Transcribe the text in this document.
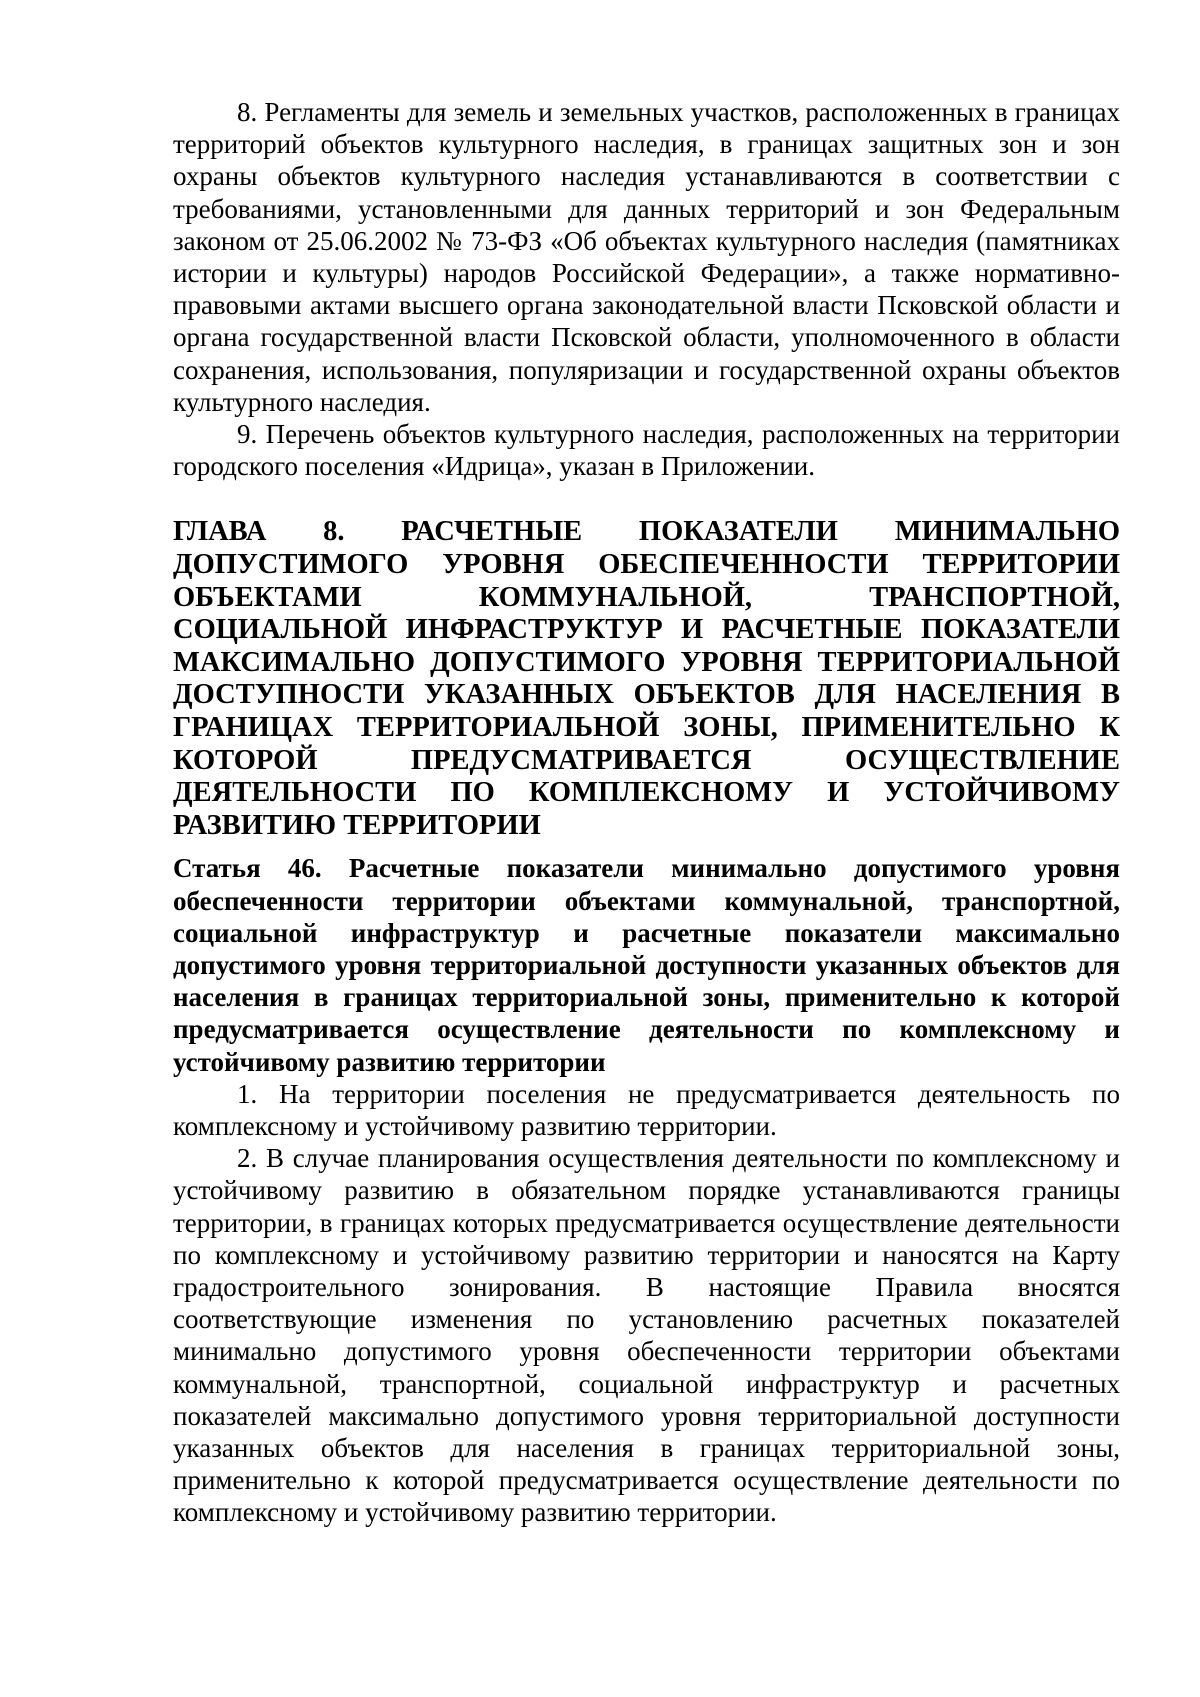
8. Регламенты для земель и земельных участков, расположенных в границах территорий объектов культурного наследия, в границах защитных зон и зон охраны объектов культурного наследия устанавливаются в соответствии с требованиями, установленными для данных территорий и зон Федеральным законом от 25.06.2002 № 73-ФЗ «Об объектах культурного наследия (памятниках истории и культуры) народов Российской Федерации», а также нормативно-правовыми актами высшего органа законодательной власти Псковской области и органа государственной власти Псковской области, уполномоченного в области сохранения, использования, популяризации и государственной охраны объектов культурного наследия.

9. Перечень объектов культурного наследия, расположенных на территории городского поселения «Идрица», указан в Приложении.

ГЛАВА 8. РАСЧЕТНЫЕ ПОКАЗАТЕЛИ МИНИМАЛЬНО ДОПУСТИМОГО УРОВНЯ ОБЕСПЕЧЕННОСТИ ТЕРРИТОРИИ ОБЪЕКТАМИ КОММУНАЛЬНОЙ, ТРАНСПОРТНОЙ, СОЦИАЛЬНОЙ ИНФРАСТРУКТУР И РАСЧЕТНЫЕ ПОКАЗАТЕЛИ МАКСИМАЛЬНО ДОПУСТИМОГО УРОВНЯ ТЕРРИТОРИАЛЬНОЙ ДОСТУПНОСТИ УКАЗАННЫХ ОБЪЕКТОВ ДЛЯ НАСЕЛЕНИЯ В ГРАНИЦАХ ТЕРРИТОРИАЛЬНОЙ ЗОНЫ, ПРИМЕНИТЕЛЬНО К КОТОРОЙ ПРЕДУСМАТРИВАЕТСЯ ОСУЩЕСТВЛЕНИЕ ДЕЯТЕЛЬНОСТИ ПО КОМПЛЕКСНОМУ И УСТОЙЧИВОМУ РАЗВИТИЮ ТЕРРИТОРИИ

Статья 46. Расчетные показатели минимально допустимого уровня обеспеченности территории объектами коммунальной, транспортной, социальной инфраструктур и расчетные показатели максимально допустимого уровня территориальной доступности указанных объектов для населения в границах территориальной зоны, применительно к которой предусматривается осуществление деятельности по комплексному и устойчивому развитию территории

1. На территории поселения не предусматривается деятельность по комплексному и устойчивому развитию территории.

2. В случае планирования осуществления деятельности по комплексному и устойчивому развитию в обязательном порядке устанавливаются границы территории, в границах которых предусматривается осуществление деятельности по комплексному и устойчивому развитию территории и наносятся на Карту градостроительного зонирования. В настоящие Правила вносятся соответствующие изменения по установлению расчетных показателей минимально допустимого уровня обеспеченности территории объектами коммунальной, транспортной, социальной инфраструктур и расчетных показателей максимально допустимого уровня территориальной доступности указанных объектов для населения в границах территориальной зоны, применительно к которой предусматривается осуществление деятельности по комплексному и устойчивому развитию территории.
